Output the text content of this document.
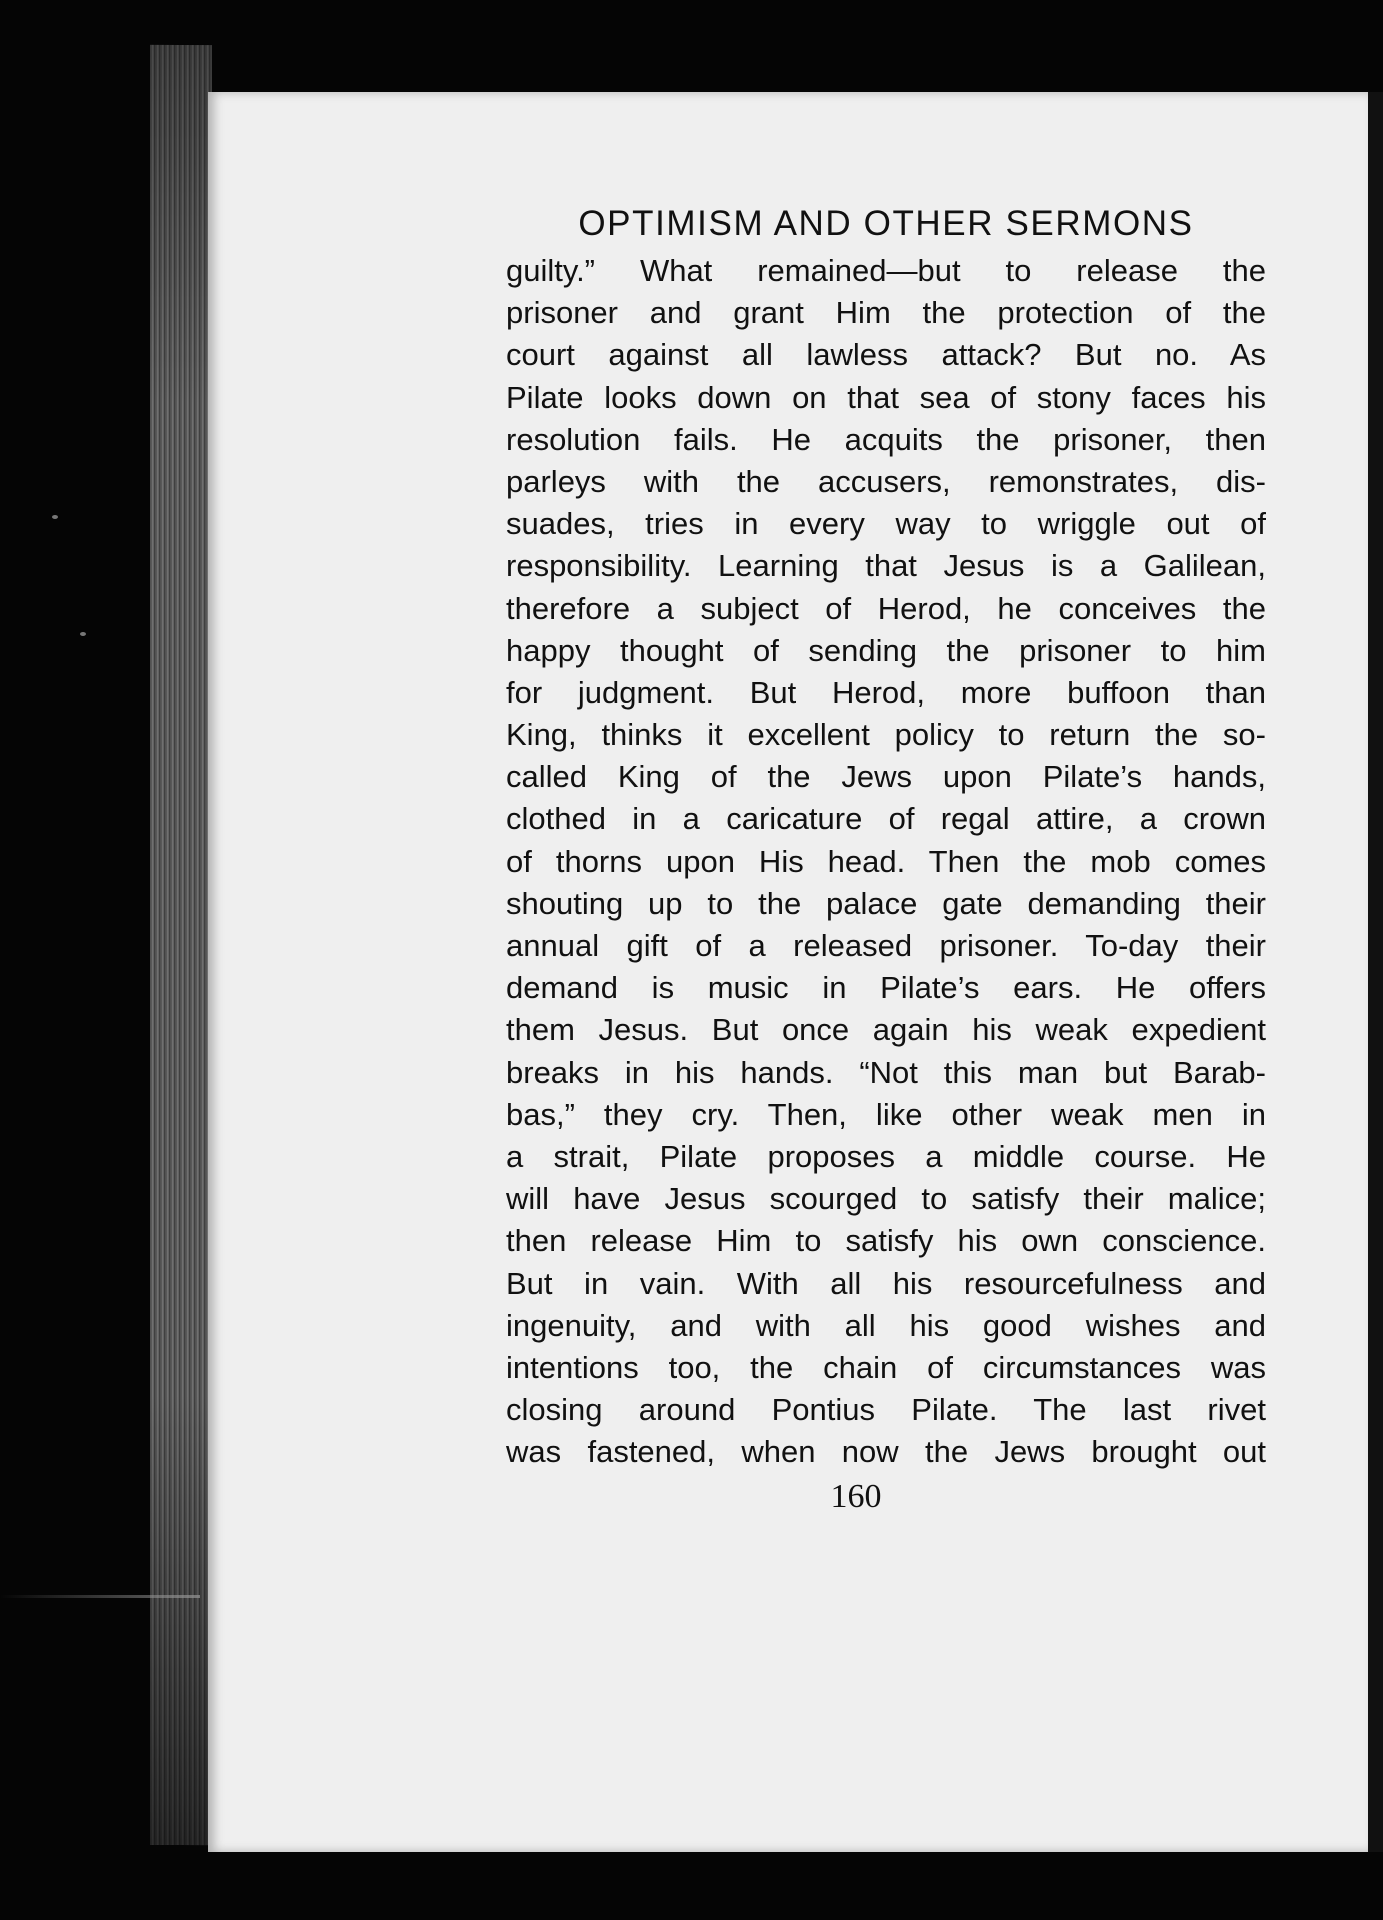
OPTIMISM AND OTHER SERMONS
guilty.” What remained—but to release the
prisoner and grant Him the protection of the
court against all lawless attack? But no. As
Pilate looks down on that sea of stony faces his
resolution fails. He acquits the prisoner, then
parleys with the accusers, remonstrates, dis-
suades, tries in every way to wriggle out of
responsibility. Learning that Jesus is a Galilean,
therefore a subject of Herod, he conceives the
happy thought of sending the prisoner to him
for judgment. But Herod, more buffoon than
King, thinks it excellent policy to return the so-
called King of the Jews upon Pilate’s hands,
clothed in a caricature of regal attire, a crown
of thorns upon His head. Then the mob comes
shouting up to the palace gate demanding their
annual gift of a released prisoner. To-day their
demand is music in Pilate’s ears. He offers
them Jesus. But once again his weak expedient
breaks in his hands. “Not this man but Barab-
bas,” they cry. Then, like other weak men in
a strait, Pilate proposes a middle course. He
will have Jesus scourged to satisfy their malice;
then release Him to satisfy his own conscience.
But in vain. With all his resourcefulness and
ingenuity, and with all his good wishes and
intentions too, the chain of circumstances was
closing around Pontius Pilate. The last rivet
was fastened, when now the Jews brought out
160
